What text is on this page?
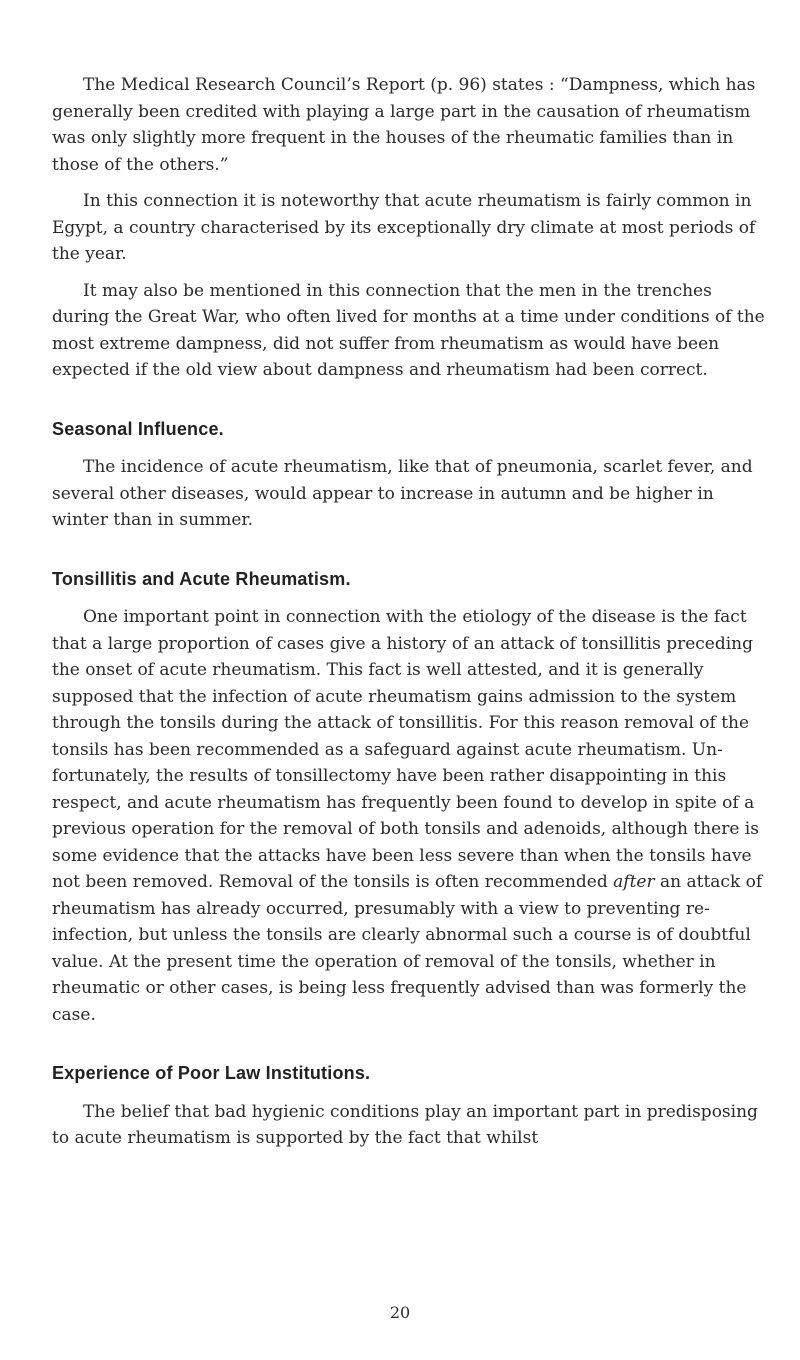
The Medical Research Council’s Report (p. 96) states : “Dampness, which has generally been credited with playing a large part in the causation of rheumatism was only slightly more frequent in the houses of the rheumatic families than in those of the others.”

In this connection it is noteworthy that acute rheumatism is fairly common in Egypt, a country characterised by its exceptionally dry climate at most periods of the year.

It may also be mentioned in this connection that the men in the trenches during the Great War, who often lived for months at a time under conditions of the most extreme dampness, did not suffer from rheumatism as would have been expected if the old view about dampness and rheumatism had been correct.

Seasonal Influence.

The incidence of acute rheumatism, like that of pneumonia, scarlet fever, and several other diseases, would appear to increase in autumn and be higher in winter than in summer.

Tonsillitis and Acute Rheumatism.

One important point in connection with the etiology of the disease is the fact that a large proportion of cases give a history of an attack of tonsillitis preceding the onset of acute rheumatism. This fact is well attested, and it is generally supposed that the infection of acute rheumatism gains admission to the system through the tonsils during the attack of tonsillitis. For this reason removal of the tonsils has been recommended as a safeguard against acute rheumatism. Unfortunately, the results of tonsillectomy have been rather disappointing in this respect, and acute rheumatism has frequently been found to develop in spite of a previous operation for the removal of both tonsils and adenoids, although there is some evidence that the attacks have been less severe than when the tonsils have not been removed. Removal of the tonsils is often recommended after an attack of rheumatism has already occurred, presumably with a view to preventing re-infection, but unless the tonsils are clearly abnormal such a course is of doubtful value. At the present time the operation of removal of the tonsils, whether in rheumatic or other cases, is being less frequently advised than was formerly the case.

Experience of Poor Law Institutions.

The belief that bad hygienic conditions play an important part in predisposing to acute rheumatism is supported by the fact that whilst

20
